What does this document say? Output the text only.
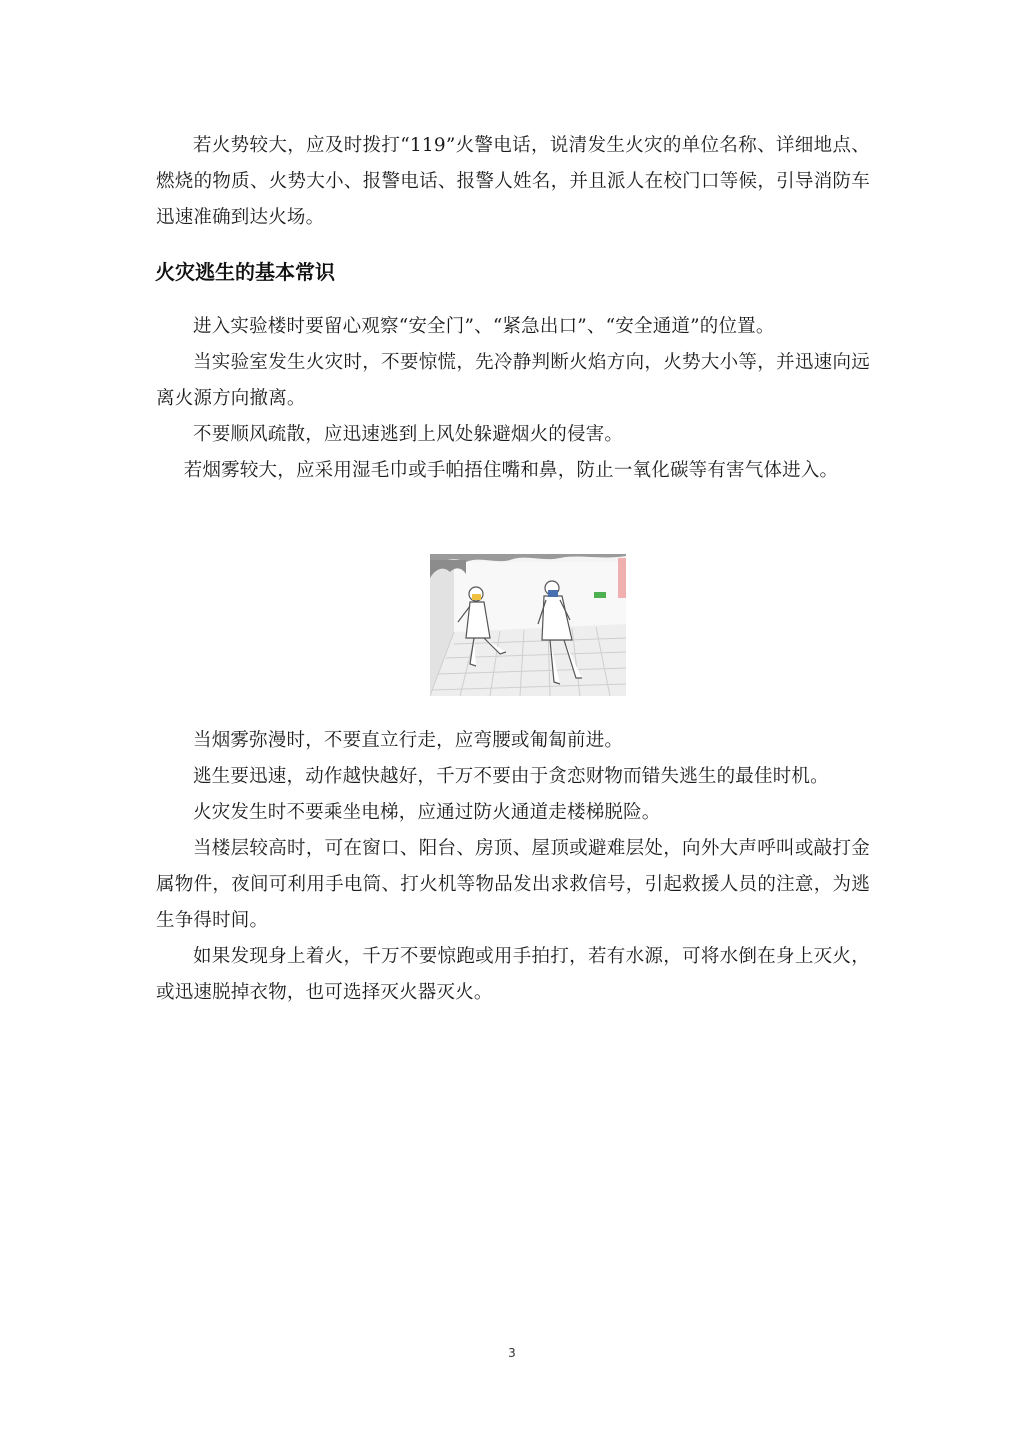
若火势较大，应及时拨打“119”火警电话，说清发生火灾的单位名称、详细地点、燃烧的物质、火势大小、报警电话、报警人姓名，并且派人在校门口等候，引导消防车迅速准确到达火场。

火灾逃生的基本常识

进入实验楼时要留心观察“安全门”、“紧急出口”、“安全通道”的位置。

当实验室发生火灾时，不要惊慌，先冷静判断火焰方向，火势大小等，并迅速向远离火源方向撤离。

不要顺风疏散，应迅速逃到上风处躲避烟火的侵害。

若烟雾较大，应采用湿毛巾或手帕捂住嘴和鼻，防止一氧化碳等有害气体进入。

当烟雾弥漫时，不要直立行走，应弯腰或匍匐前进。

逃生要迅速，动作越快越好，千万不要由于贪恋财物而错失逃生的最佳时机。

火灾发生时不要乘坐电梯，应通过防火通道走楼梯脱险。

当楼层较高时，可在窗口、阳台、房顶、屋顶或避难层处，向外大声呼叫或敲打金属物件，夜间可利用手电筒、打火机等物品发出求救信号，引起救援人员的注意，为逃生争得时间。

如果发现身上着火，千万不要惊跑或用手拍打，若有水源，可将水倒在身上灭火，或迅速脱掉衣物，也可选择灭火器灭火。

3
